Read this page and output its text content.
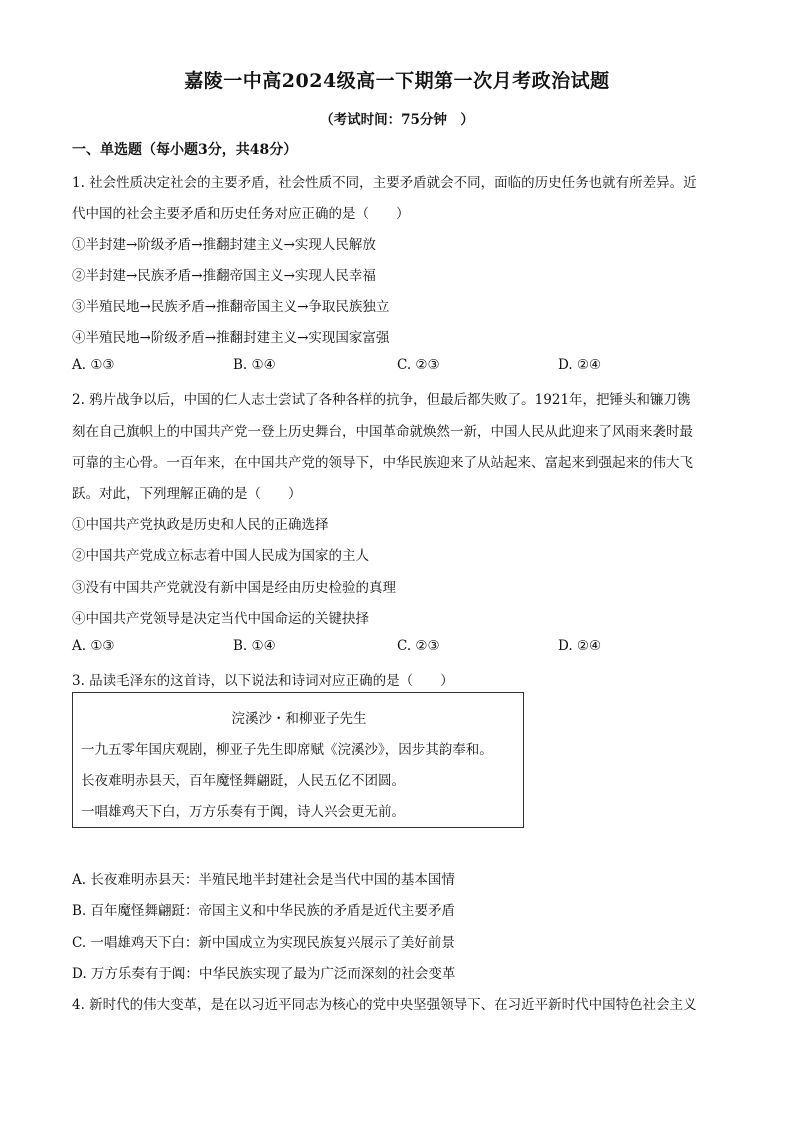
嘉陵一中高2024级高一下期第一次月考政治试题
（考试时间：75分钟　）
一、单选题（每小题3分，共48分）
1. 社会性质决定社会的主要矛盾，社会性质不同，主要矛盾就会不同，面临的历史任务也就有所差异。近
代中国的社会主要矛盾和历史任务对应正确的是（　　）
①半封建→阶级矛盾→推翻封建主义→实现人民解放
②半封建→民族矛盾→推翻帝国主义→实现人民幸福
③半殖民地→民族矛盾→推翻帝国主义→争取民族独立
④半殖民地→阶级矛盾→推翻封建主义→实现国家富强
A. ①③	B. ①④	C. ②③	D. ②④
2. 鸦片战争以后，中国的仁人志士尝试了各种各样的抗争，但最后都失败了。1921年，把锤头和镰刀镌
刻在自己旗帜上的中国共产党一登上历史舞台，中国革命就焕然一新，中国人民从此迎来了风雨来袭时最
可靠的主心骨。一百年来，在中国共产党的领导下，中华民族迎来了从站起来、富起来到强起来的伟大飞
跃。对此，下列理解正确的是（　　）
①中国共产党执政是历史和人民的正确选择
②中国共产党成立标志着中国人民成为国家的主人
③没有中国共产党就没有新中国是经由历史检验的真理
④中国共产党领导是决定当代中国命运的关键抉择
A. ①③	B. ①④	C. ②③	D. ②④
3. 品读毛泽东的这首诗，以下说法和诗词对应正确的是（　　）
浣溪沙・和柳亚子先生
一九五零年国庆观剧，柳亚子先生即席赋《浣溪沙》，因步其韵奉和。
长夜难明赤县天，百年魔怪舞翩跹，人民五亿不团圆。
一唱雄鸡天下白，万方乐奏有于阗，诗人兴会更无前。
A. 长夜难明赤县天：半殖民地半封建社会是当代中国的基本国情
B. 百年魔怪舞翩跹：帝国主义和中华民族的矛盾是近代主要矛盾
C. 一唱雄鸡天下白：新中国成立为实现民族复兴展示了美好前景
D. 万方乐奏有于阗：中华民族实现了最为广泛而深刻的社会变革
4. 新时代的伟大变革，是在以习近平同志为核心的党中央坚强领导下、在习近平新时代中国特色社会主义
